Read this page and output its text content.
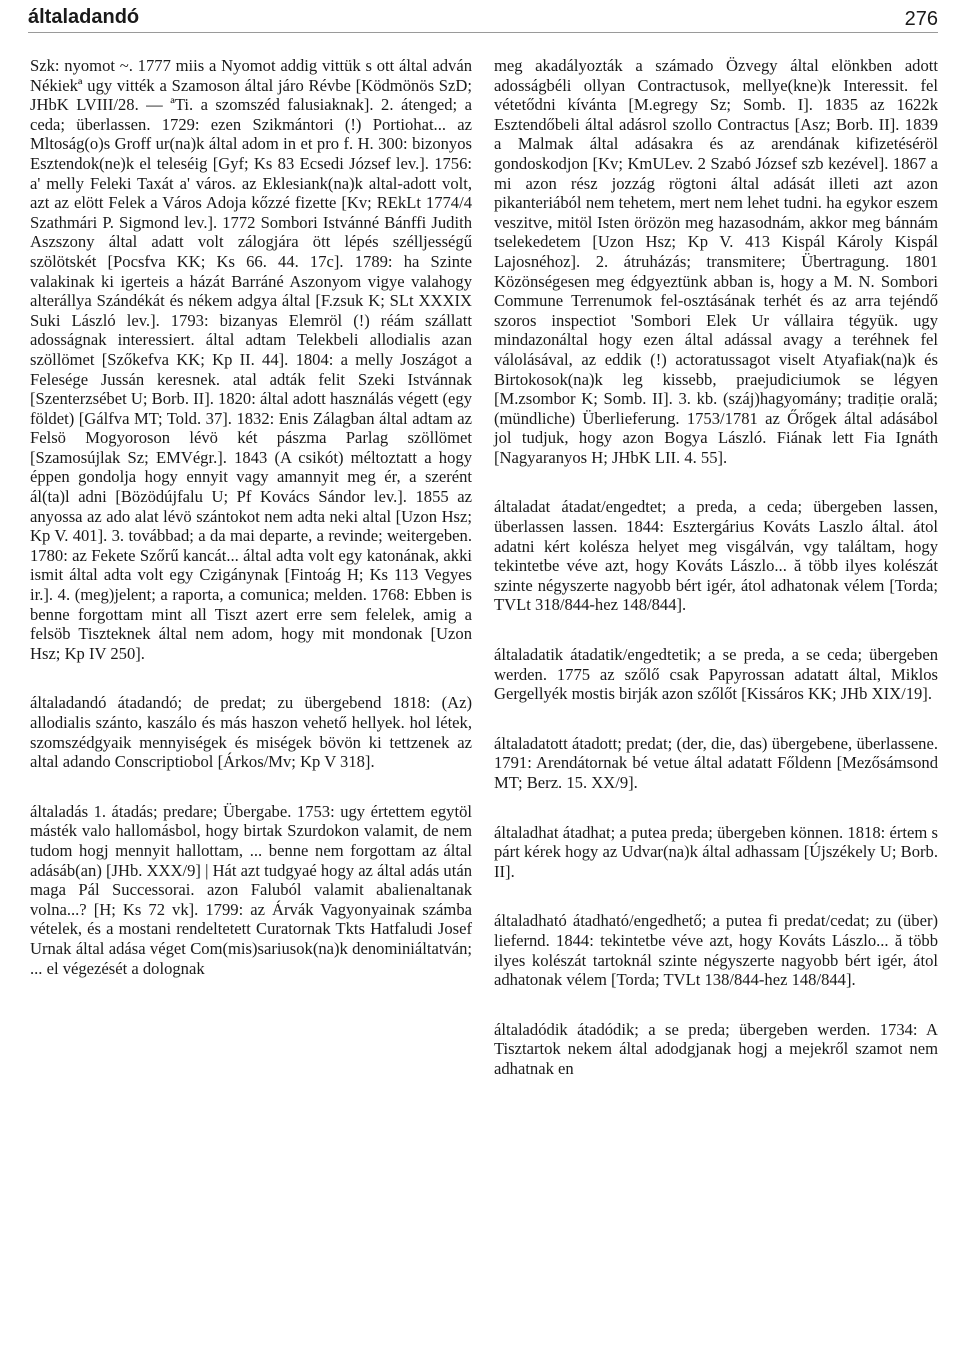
általadandó	276

Szk: nyomot ~. 1777 miis a Nyomot addig vittük s ott által adván Nékiekª ugy vitték a Szamoson által járo Révbe [Ködmönös SzD; JHbK LVIII/28. — ªTi. a szomszéd falusiaknak]. 2. átenged; a ceda; überlassen. 1729: ezen Szikmántori (!) Portiohat... az Mltoság(o)s Groff ur(na)k által adom in et pro f. H. 300: bizonyos Esztendok(ne)k el teleséig [Gyf; Ks 83 Ecsedi József lev.]. 1756: a' melly Feleki Taxát a' város. az Eklesiank(na)k altal-adott volt, azt az elött Felek a Város Adoja kőzzé fizette [Kv; REkLt 1774/4 Szathmári P. Sigmond lev.]. 1772 Sombori Istvánné Bánffi Judith Aszszony által adatt volt zálogjára ött lépés szélljességű szölötskét [Pocsfva KK; Ks 66. 44. 17c]. 1789: ha Szinte valakinak ki igerteis a házát Barráné Aszonyom vigye valahogy alterállya Szándékát és nékem adgya által [F.zsuk K; SLt XXXIX Suki László lev.]. 1793: bizanyas Elemröl (!) réám szállatt adosságnak interessiert. által adtam Telekbeli allodialis azan szöllömet [Szőkefva KK; Kp II. 44]. 1804: a melly Joszágot a Felesége Jussán keresnek. atal adták felit Szeki Istvánnak [Szenterzsébet U; Borb. II]. 1820: által adott használás végett (egy földet) [Gálfva MT; Told. 37]. 1832: Enis Zálagban által adtam az Felsö Mogyoroson lévö két pászma Parlag szöllömet [Szamosújlak Sz; EMVégr.]. 1843 (A csikót) méltoztatt a hogy éppen gondolja hogy ennyit vagy amannyit meg ér, a szerént ál(ta)l adni [Bözödújfalu U; Pf Kovács Sándor lev.]. 1855 az anyossa az ado alat lévö szántokot nem adta neki altal [Uzon Hsz; Kp V. 401]. 3. továbbad; a da mai departe, a revinde; weitergeben. 1780: az Fekete Szőrű kancát... által adta volt egy katonának, akki ismit által adta volt egy Czigánynak [Fintoág H; Ks 113 Vegyes ir.]. 4. (meg)jelent; a raporta, a comunica; melden. 1768: Ebben is benne forgottam mint all Tiszt azert erre sem felelek, amig a felsöb Tiszteknek által nem adom, hogy mit mondonak [Uzon Hsz; Kp IV 250].

általadandó átadandó; de predat; zu übergebend 1818: (Az) allodialis szánto, kaszálo és más haszon vehető hellyek. hol létek, szomszédgyaik mennyiségek és miségek bövön ki tettzenek az altal adando Conscriptiobol [Árkos/Mv; Kp V 318].

általadás 1. átadás; predare; Übergabe. 1753: ugy értettem egytöl másték valo hallomásbol, hogy birtak Szurdokon valamit, de nem tudom hogj mennyit hallottam, ... benne nem forgottam az által adásáb(an) [JHb. XXX/9] | Hát azt tudgyaé hogy az által adás után maga Pál Successorai. azon Faluból valamit abalienaltanak volna...? [H; Ks 72 vk]. 1799: az Árvák Vagyonyainak számba vételek, és a mostani rendeltetett Curatornak Tkts Hatfaludi Josef Urnak által adása véget Com(mis)sariusok(na)k denominiáltatván; ... el végezését a dolognak

meg akadályozták a számado Özvegy által elönkben adott adosságbéli ollyan Contractusok, mellye(kne)k Interessit. fel vétetődni kívánta [M.egregy Sz; Somb. I]. 1835 az 1622k Esztendőbeli által adásrol szollo Contractus [Asz; Borb. II]. 1839 a Malmak által adásakra és az arendának kifizetéséröl gondoskodjon [Kv; KmULev. 2 Szabó József szb kezével]. 1867 a mi azon rész jozzág rögtoni által adását illeti azt azon pikanteriából nem tehetem, mert nem lehet tudni. ha egykor eszem veszitve, mitöl Isten örözön meg hazasodnám, akkor meg bánnám tselekedetem [Uzon Hsz; Kp V. 413 Kispál Károly Kispál Lajosnéhoz]. 2. átruházás; transmitere; Übertragung. 1801 Közönségesen meg édgyeztünk abban is, hogy a M. N. Sombori Commune Terrenumok fel-osztásának terhét és az arra tejéndő szoros inspectiot 'Sombori Elek Ur vállaira tégyük. ugy mindazonáltal hogy ezen által adással avagy a teréhnek fel válolásával, az eddik (!) actoratussagot viselt Atyafiak(na)k és Birtokosok(na)k leg kissebb, praejudiciumok se légyen [M.zsombor K; Somb. II]. 3. kb. (száj)hagyomány; tradiție orală; (mündliche) Überlieferung. 1753/1781 az Őrőgek által adásábol jol tudjuk, hogy azon Bogya László. Fiának lett Fia Ignáth [Nagyaranyos H; JHbK LII. 4. 55].

általadat átadat/engedtet; a preda, a ceda; übergeben lassen, überlassen lassen. 1844: Esztergárius Kováts Laszlo által. átol adatni kért kolésza helyet meg visgálván, vgy találtam, hogy tekintetbe véve azt, hogy Kováts Lászlo... ă több ilyes kolészát szinte négyszerte nagyobb bért igér, átol adhatonak vélem [Torda; TVLt 318/844-hez 148/844].

általadatik átadatik/engedtetik; a se preda, a se ceda; übergeben werden. 1775 az szőlő csak Papyrossan adatatt által, Miklos Gergellyék mostis birják azon szőlőt [Kissáros KK; JHb XIX/19].

általadatott átadott; predat; (der, die, das) übergebene, überlassene. 1791: Arendátornak bé vetue által adatatt Főldenn [Mezősámsond MT; Berz. 15. XX/9].

általadhat átadhat; a putea preda; übergeben können. 1818: értem s párt kérek hogy az Udvar(na)k által adhassam [Újszékely U; Borb. II].

általadható átadható/engedhető; a putea fi predat/cedat; zu (über) liefernd. 1844: tekintetbe véve azt, hogy Kováts Lászlo... ă több ilyes kolészát tartoknál szinte négyszerte nagyobb bért igér, átol adhatonak vélem [Torda; TVLt 138/844-hez 148/844].

általadódik átadódik; a se preda; übergeben werden. 1734: A Tisztartok nekem által adodgjanak hogj a mejekről szamot nem adhatnak en
